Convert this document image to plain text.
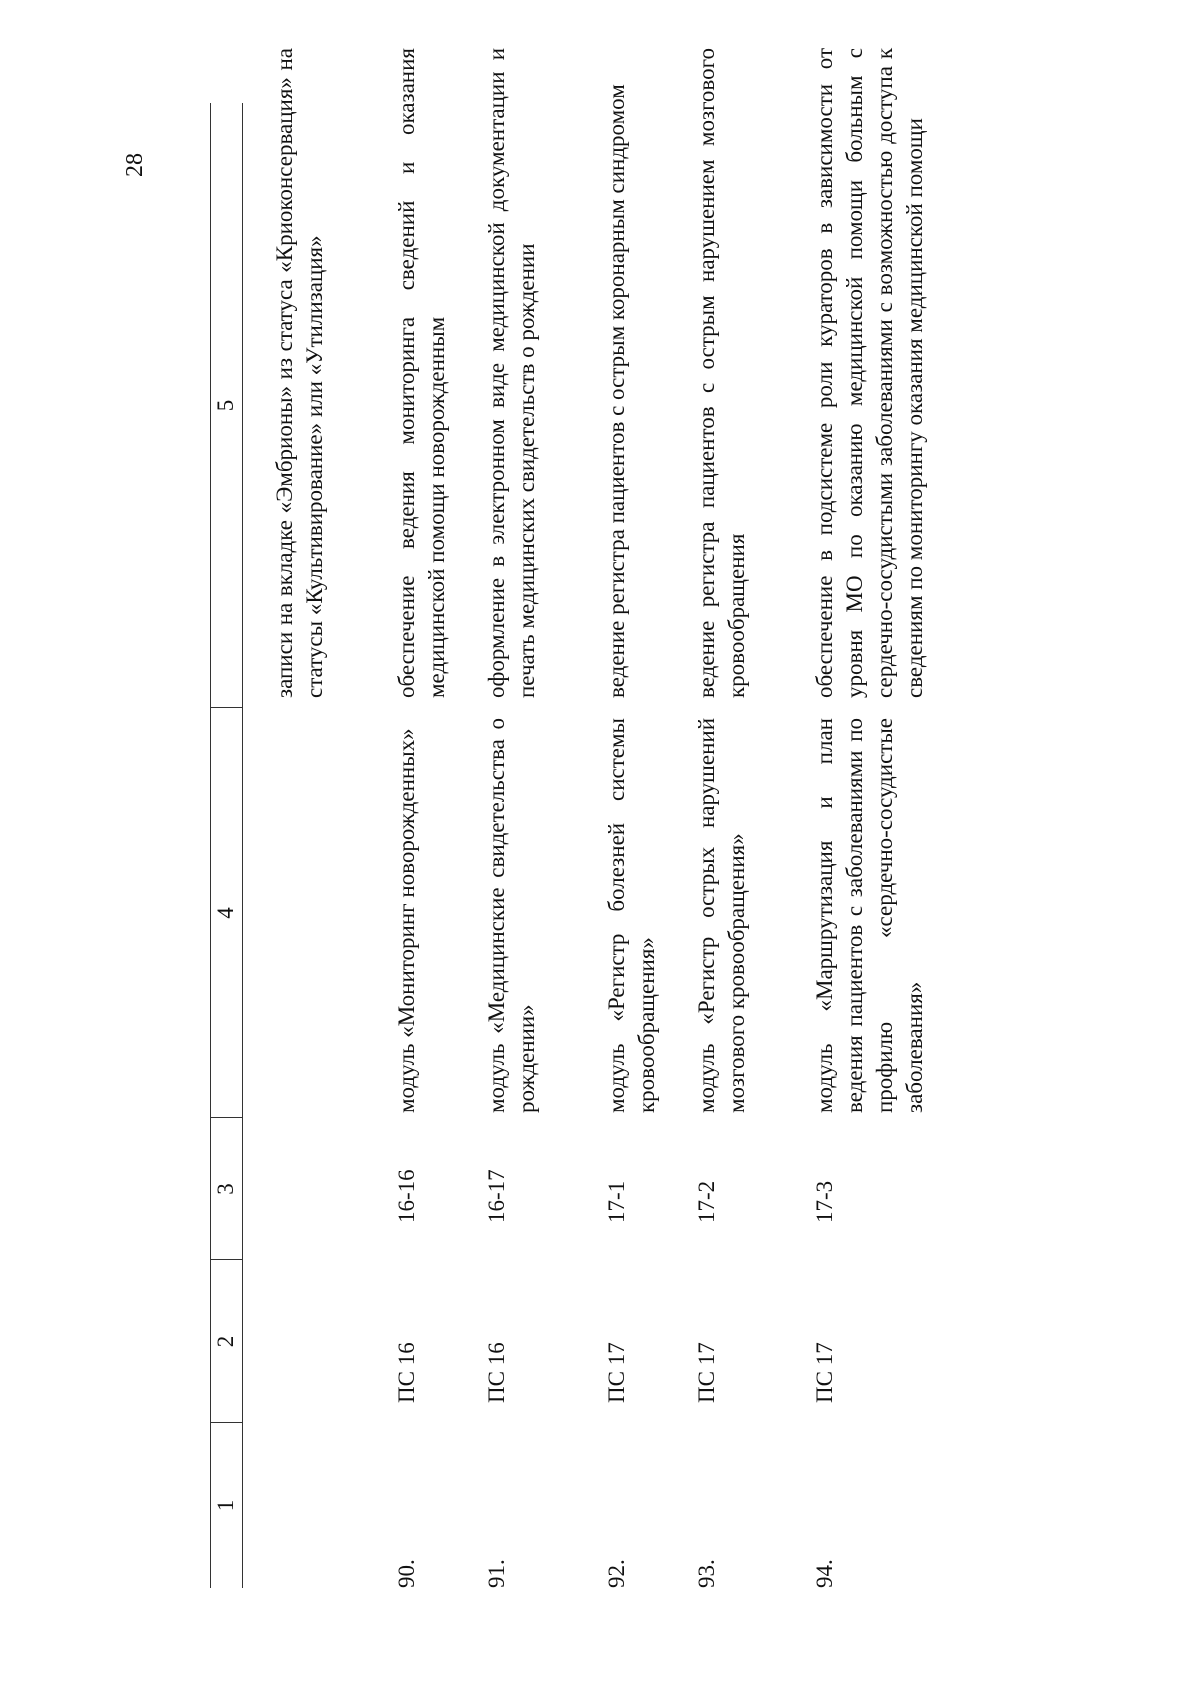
28
1
2
3
4
5 записи на вкладке «Эмбрионы» из статуса «Криоконсервация» на статусы «Культивирование» или «Утилизация»
90.
ПС 16
16-16
модуль «Мониторинг новорожденных»
обеспечение ведения мониторинга сведений и оказания медицинской помощи новорожденным
91.
ПС 16
16-17
модуль «Медицинские свидетельства о рождении»
оформление в электронном виде медицинской документации и печать медицинских свидетельств о рождении
92.
ПС 17
17-1
модуль «Регистр болезней системы кровообращения»
ведение регистра пациентов с острым коронарным синдромом
93.
ПС 17
17-2
модуль «Регистр острых нарушений мозгового кровообращения»
ведение регистра пациентов с острым нарушением мозгового кровообращения
94.
ПС 17
17-3
модуль «Маршрутизация и план ведения пациентов с заболеваниями по профилю «сердечно-сосудистые заболевания»
обеспечение в подсистеме роли кураторов в зависимости от уровня МО по оказанию медицинской помощи больным с сердечно-сосудистыми заболеваниями с возможностью доступа к сведениям по мониторингу оказания медицинской помощи
